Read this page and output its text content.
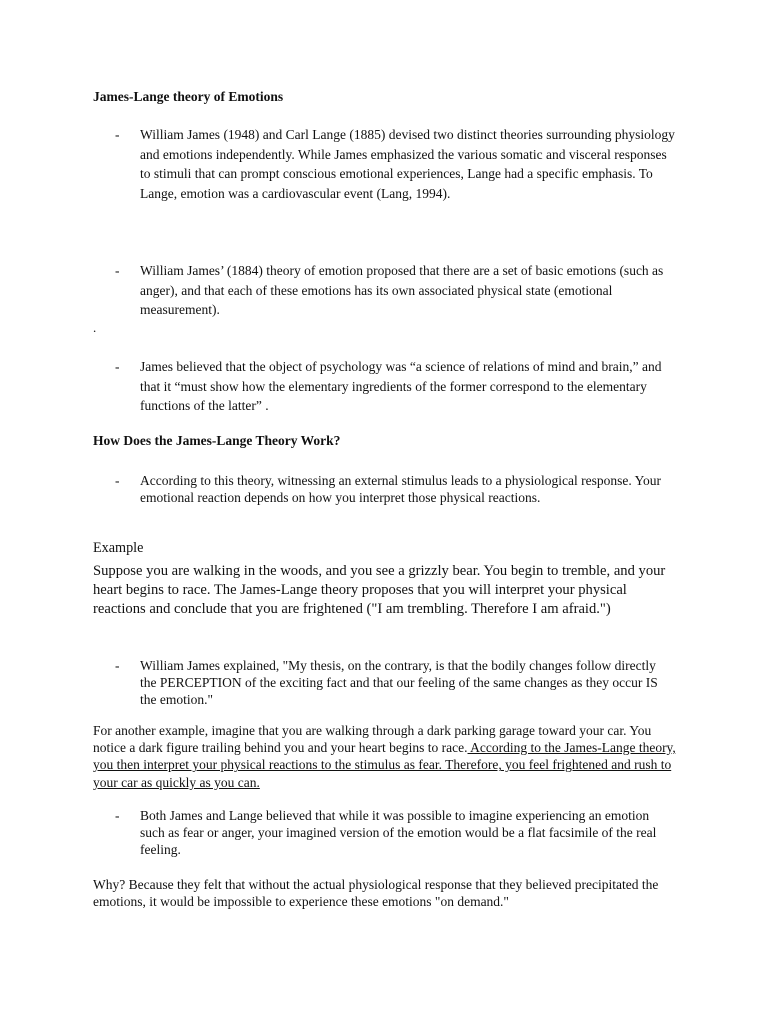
James-Lange theory of Emotions
- William James (1948) and Carl Lange (1885) devised two distinct theories surrounding physiology and emotions independently. While James emphasized the various somatic and visceral responses to stimuli that can prompt conscious emotional experiences, Lange had a specific emphasis. To Lange, emotion was a cardiovascular event (Lang, 1994).
- William James’ (1884) theory of emotion proposed that there are a set of basic emotions (such as anger), and that each of these emotions has its own associated physical state (emotional measurement).
.
- James believed that the object of psychology was “a science of relations of mind and brain,” and that it “must show how the elementary ingredients of the former correspond to the elementary functions of the latter” .
How Does the James-Lange Theory Work?
- According to this theory, witnessing an external stimulus leads to a physiological response. Your emotional reaction depends on how you interpret those physical reactions.
Example
Suppose you are walking in the woods, and you see a grizzly bear. You begin to tremble, and your heart begins to race. The James-Lange theory proposes that you will interpret your physical reactions and conclude that you are frightened ("I am trembling. Therefore I am afraid.")
- William James explained, "My thesis, on the contrary, is that the bodily changes follow directly the PERCEPTION of the exciting fact and that our feeling of the same changes as they occur IS the emotion."
For another example, imagine that you are walking through a dark parking garage toward your car. You notice a dark figure trailing behind you and your heart begins to race. According to the James-Lange theory, you then interpret your physical reactions to the stimulus as fear. Therefore, you feel frightened and rush to your car as quickly as you can.
- Both James and Lange believed that while it was possible to imagine experiencing an emotion such as fear or anger, your imagined version of the emotion would be a flat facsimile of the real feeling.
Why? Because they felt that without the actual physiological response that they believed precipitated the emotions, it would be impossible to experience these emotions "on demand."
